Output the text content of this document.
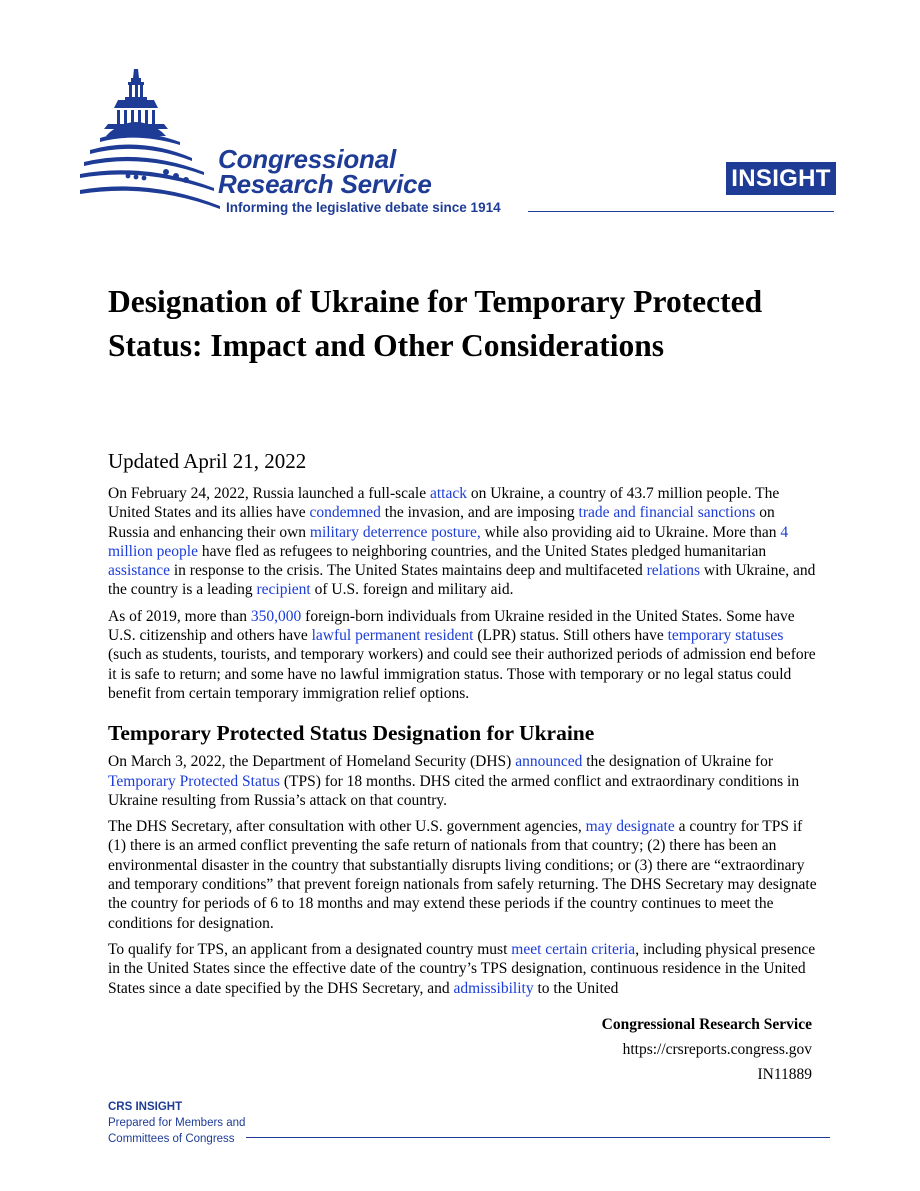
Congressional
Research Service
Informing the legislative debate since 1914
INSIGHT
Designation of Ukraine for Temporary Protected Status: Impact and Other Considerations

Updated April 21, 2022

On February 24, 2022, Russia launched a full-scale attack on Ukraine, a country of 43.7 million people. The United States and its allies have condemned the invasion, and are imposing trade and financial sanctions on Russia and enhancing their own military deterrence posture, while also providing aid to Ukraine. More than 4 million people have fled as refugees to neighboring countries, and the United States pledged humanitarian assistance in response to the crisis. The United States maintains deep and multifaceted relations with Ukraine, and the country is a leading recipient of U.S. foreign and military aid.

As of 2019, more than 350,000 foreign-born individuals from Ukraine resided in the United States. Some have U.S. citizenship and others have lawful permanent resident (LPR) status. Still others have temporary statuses (such as students, tourists, and temporary workers) and could see their authorized periods of admission end before it is safe to return; and some have no lawful immigration status. Those with temporary or no legal status could benefit from certain temporary immigration relief options.

Temporary Protected Status Designation for Ukraine

On March 3, 2022, the Department of Homeland Security (DHS) announced the designation of Ukraine for Temporary Protected Status (TPS) for 18 months. DHS cited the armed conflict and extraordinary conditions in Ukraine resulting from Russia’s attack on that country.

The DHS Secretary, after consultation with other U.S. government agencies, may designate a country for TPS if (1) there is an armed conflict preventing the safe return of nationals from that country; (2) there has been an environmental disaster in the country that substantially disrupts living conditions; or (3) there are “extraordinary and temporary conditions” that prevent foreign nationals from safely returning. The DHS Secretary may designate the country for periods of 6 to 18 months and may extend these periods if the country continues to meet the conditions for designation.

To qualify for TPS, an applicant from a designated country must meet certain criteria, including physical presence in the United States since the effective date of the country’s TPS designation, continuous residence in the United States since a date specified by the DHS Secretary, and admissibility to the United

Congressional Research Service
https://crsreports.congress.gov
IN11889
CRS INSIGHT
Prepared for Members and
Committees of Congress
